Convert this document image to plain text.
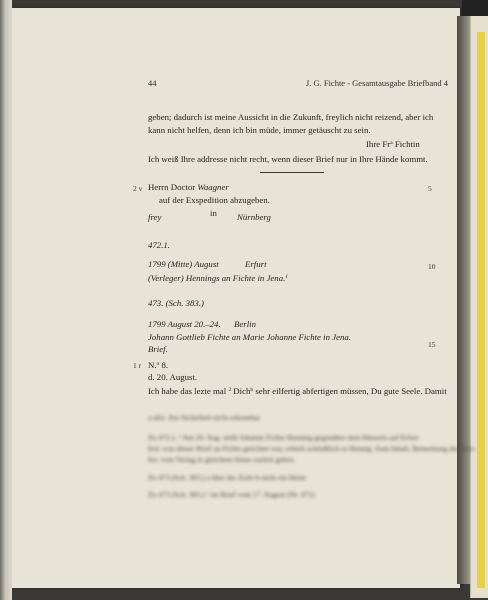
44	J. G. Fichte - Gesamtausgabe Briefband 4
geben; dadurch ist meine Aussicht in die Zukunft, freylich nicht reizend, aber ich
kann nicht helfen, denn ich bin müde, immer getäuscht zu sein.
Ihre Fr$^a$ Fichtin
Ich weiß Ihre addresse nicht recht, wenn dieser Brief nur in Ihre Hände kommt.
2 v Herrn Doctor Waagner
auf der Exspedition abzugeben.
in
frey	Nürnberg
5
472.1.
1799 (Mitte) August	Erfurt
(Verleger) Hennings an Fichte in Jena.$^1$
10
473. (Sch. 383.)
1799 August 20.–24. Berlin
Johann Gottlieb Fichte an Marie Johanne Fichte in Jena.
Brief.	15
1 r N.$^o$ 8.
d. 20. August.
Ich habe das lezte mal $^2$ Dich$^b$ sehr eilfertig abfertigen müssen, Du gute Seele. Damit
a afzl. Zur Sicherheit nicht erkennbar
Zu 472.1. ¹ Am 20. Aug. stellt Johanne Fichte Henning gegenüber dem Hinweis auf Erfurt
fest: was dieser Brief an Fichte gerichtet war, erhielt schließlich es Hennig. Zum Inhalt, Bemerkung der Brie-
fes: vom Verlag in gleichem Sinne zurück geben.
Zu 473 (Sch. 383.) a über der Zeile b nicht ein Heim
Zu 473 (Sch. 383.) ¹ im Brief vom 17. August (Nr. 471)
